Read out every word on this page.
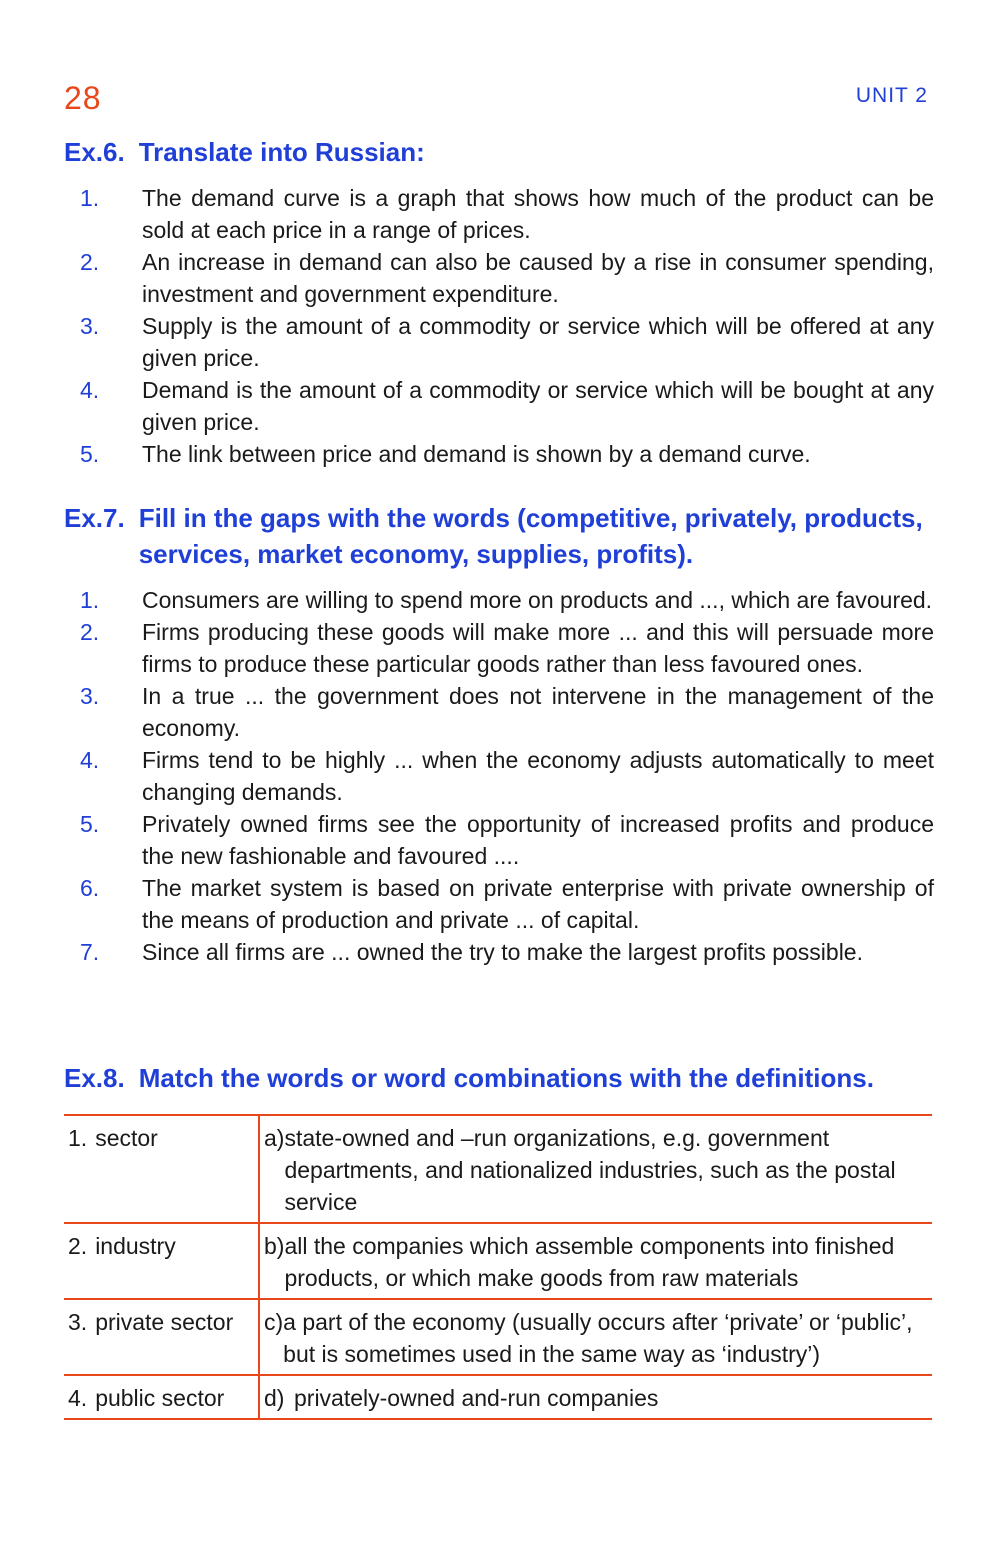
28	UNIT 2
Ex.6. Translate into Russian:
1.	The demand curve is a graph that shows how much of the product can be sold at each price in a range of prices.
2.	An increase in demand can also be caused by a rise in consumer spending, investment and government expenditure.
3.	Supply is the amount of a commodity or service which will be offered at any given price.
4.	Demand is the amount of a commodity or service which will be bought at any given price.
5.	The link between price and demand is shown by a demand curve.
Ex.7. Fill in the gaps with the words (competitive, privately, products, services, market economy, supplies, profits).
1.	Consumers are willing to spend more on products and ..., which are favoured.
2.	Firms producing these goods will make more ... and this will persuade more firms to produce these particular goods rather than less favoured ones.
3.	In a true ... the government does not intervene in the management of the economy.
4.	Firms tend to be highly ... when the economy adjusts automatically to meet changing demands.
5.	Privately owned firms see the opportunity of increased profits and produce the new fashionable and favoured ....
6.	The market system is based on private enterprise with private ownership of the means of production and private ... of capital.
7.	Since all firms are ... owned the try to make the largest profits possible.
Ex.8. Match the words or word combinations with the definitions.
1. sector	a) state-owned and –run organizations, e.g. government departments, and nationalized industries, such as the postal service

2. industry	b) all the companies which assemble components into finished products, or which make goods from raw materials

3. private sector	c) a part of the economy (usually occurs after ‘private’ or ‘public’, but is sometimes used in the same way as ‘industry’)

4. public sector	d) privately-owned and-run companies
